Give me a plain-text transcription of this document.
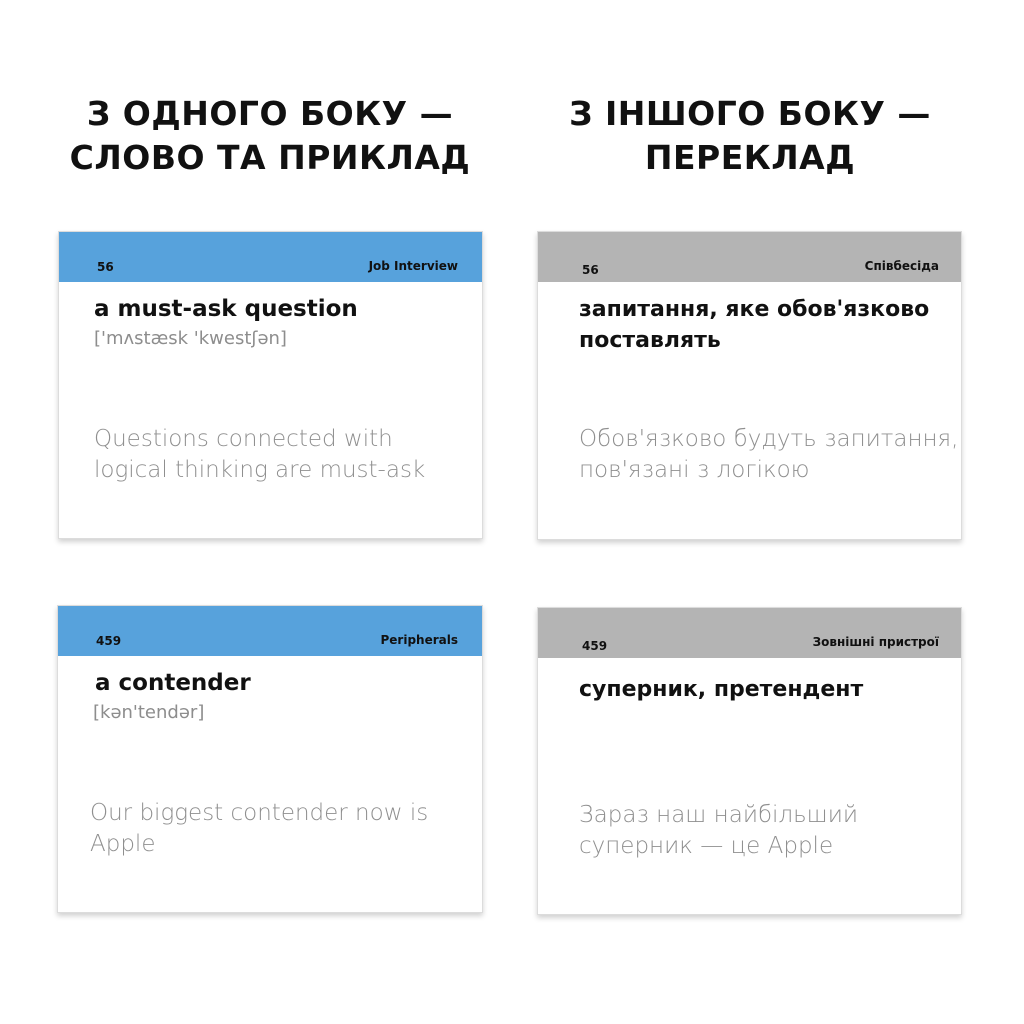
З ОДНОГО БОКУ —
СЛОВО ТА ПРИКЛАД
З ІНШОГО БОКУ —
ПЕРЕКЛАД
56	Job Interview
a must-ask question
['mʌstæsk 'kwestʃən]
Questions connected with logical thinking are must-ask
56	Співбесіда
запитання, яке обов'язково поставлять
Обов'язково будуть запитання, пов'язані з логікою
459	Peripherals
a contender
[kən'tendər]
Our biggest contender now is Apple
459	Зовнішні пристрої
суперник, претендент
Зараз наш найбільший суперник — це Apple
